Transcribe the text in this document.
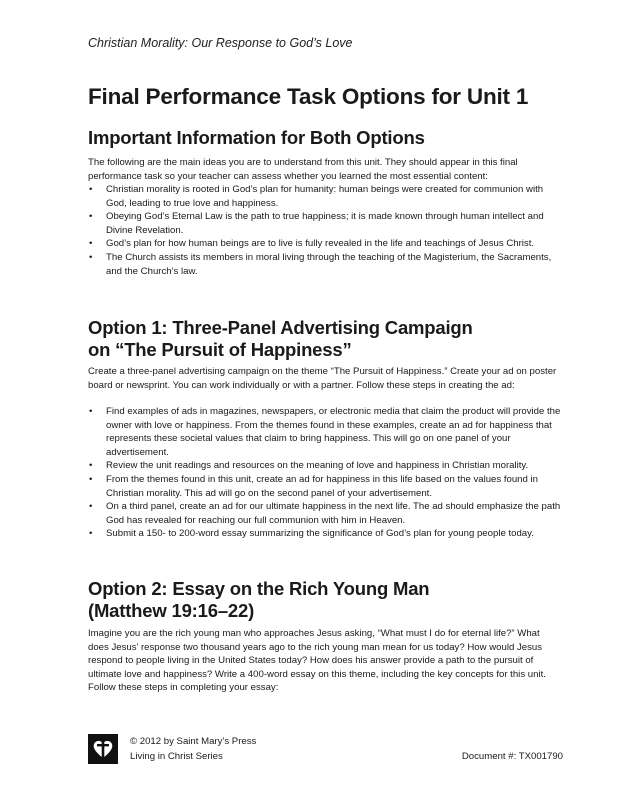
Christian Morality: Our Response to God’s Love
Final Performance Task Options for Unit 1
Important Information for Both Options

The following are the main ideas you are to understand from this unit. They should appear in this final performance task so your teacher can assess whether you learned the most essential content:

• Christian morality is rooted in God’s plan for humanity: human beings were created for communion with God, leading to true love and happiness.
• Obeying God’s Eternal Law is the path to true happiness; it is made known through human intellect and Divine Revelation.
• God’s plan for how human beings are to live is fully revealed in the life and teachings of Jesus Christ.
• The Church assists its members in moral living through the teaching of the Magisterium, the Sacraments, and the Church’s law.
Option 1: Three-Panel Advertising Campaign
on “The Pursuit of Happiness”

Create a three-panel advertising campaign on the theme “The Pursuit of Happiness.” Create your ad on poster board or newsprint. You can work individually or with a partner. Follow these steps in creating the ad:

• Find examples of ads in magazines, newspapers, or electronic media that claim the product will provide the owner with love or happiness. From the themes found in these examples, create an ad for happiness that represents these societal values that claim to bring happiness. This will go on one panel of your advertisement.
• Review the unit readings and resources on the meaning of love and happiness in Christian morality.
• From the themes found in this unit, create an ad for happiness in this life based on the values found in Christian morality. This ad will go on the second panel of your advertisement.
• On a third panel, create an ad for our ultimate happiness in the next life. The ad should emphasize the path God has revealed for reaching our full communion with him in Heaven.
• Submit a 150- to 200-word essay summarizing the significance of God’s plan for young people today.
Option 2: Essay on the Rich Young Man
(Matthew 19:16–22)

Imagine you are the rich young man who approaches Jesus asking, “What must I do for eternal life?” What does Jesus’ response two thousand years ago to the rich young man mean for us today? How would Jesus respond to people living in the United States today? How does his answer provide a path to the pursuit of ultimate love and happiness? Write a 400-word essay on this theme, including the key concepts for this unit. Follow these steps in completing your essay:

© 2012 by Saint Mary’s Press
Living in Christ Series	Document #: TX001790
